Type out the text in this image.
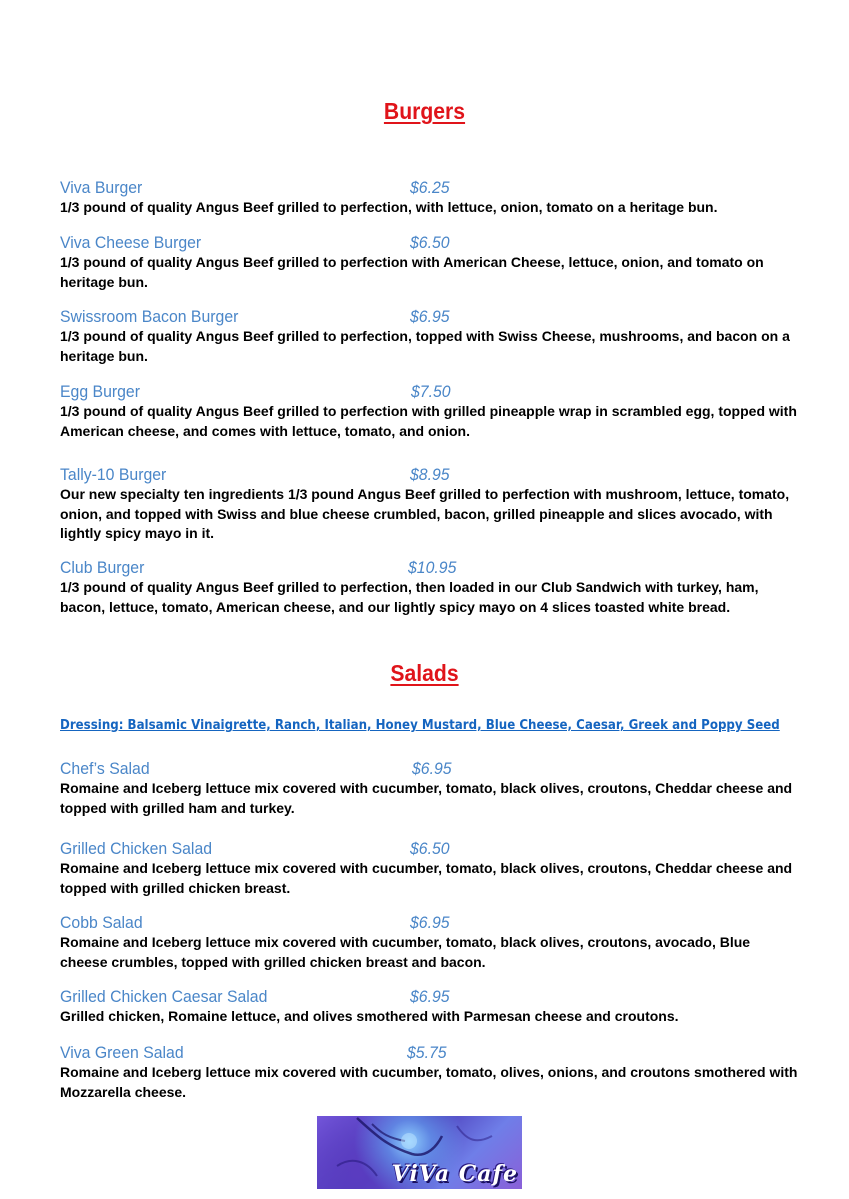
Burgers
Viva Burger	$6.25
1/3 pound of quality Angus Beef grilled to perfection, with lettuce, onion, tomato on a heritage bun.
Viva Cheese Burger	$6.50
1/3 pound of quality Angus Beef grilled to perfection with American Cheese, lettuce, onion, and tomato on heritage bun.
Swissroom Bacon Burger	$6.95
1/3 pound of quality Angus Beef grilled to perfection, topped with Swiss Cheese, mushrooms, and bacon on a heritage bun.
Egg Burger	$7.50
1/3 pound of quality Angus Beef grilled to perfection with grilled pineapple wrap in scrambled egg, topped with American cheese, and comes with lettuce, tomato, and onion.
Tally-10 Burger	$8.95
Our new specialty ten ingredients 1/3 pound Angus Beef grilled to perfection with mushroom, lettuce, tomato, onion, and topped with Swiss and blue cheese crumbled, bacon, grilled pineapple and slices avocado, with lightly spicy mayo in it.
Club Burger	$10.95
1/3 pound of quality Angus Beef grilled to perfection, then loaded in our Club Sandwich with turkey, ham, bacon, lettuce, tomato, American cheese, and our lightly spicy mayo on 4 slices toasted white bread.
Salads
Dressing: Balsamic Vinaigrette, Ranch, Italian, Honey Mustard, Blue Cheese, Caesar, Greek and Poppy Seed
Chef’s Salad	$6.95
Romaine and Iceberg lettuce mix covered with cucumber, tomato, black olives, croutons, Cheddar cheese and topped with grilled ham and turkey.
Grilled Chicken Salad	$6.50
Romaine and Iceberg lettuce mix covered with cucumber, tomato, black olives, croutons, Cheddar cheese and topped with grilled chicken breast.
Cobb Salad	$6.95
Romaine and Iceberg lettuce mix covered with cucumber, tomato, black olives, croutons, avocado, Blue cheese crumbles, topped with grilled chicken breast and bacon.
Grilled Chicken Caesar Salad	$6.95
Grilled chicken, Romaine lettuce, and olives smothered with Parmesan cheese and croutons.
Viva Green Salad	$5.75
Romaine and Iceberg lettuce mix covered with cucumber, tomato, olives, onions, and croutons smothered with Mozzarella cheese.
ViVa Cafe
